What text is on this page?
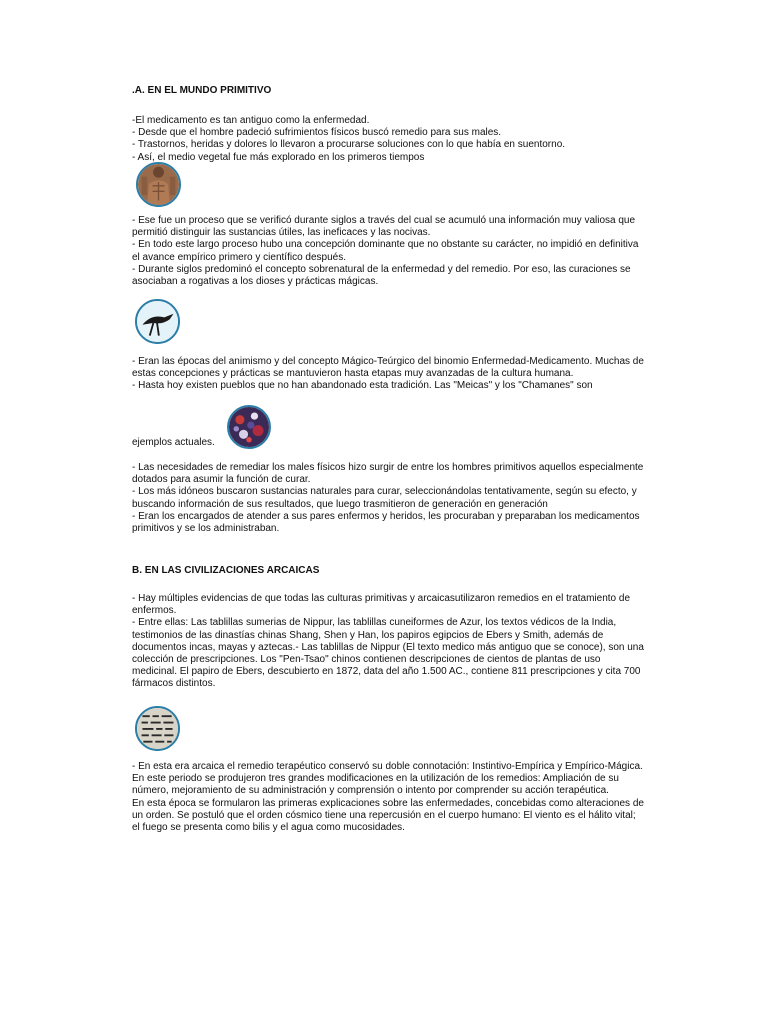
.A. EN EL MUNDO PRIMITIVO

-El medicamento es tan antiguo como la enfermedad.

- Desde que el hombre padeció sufrimientos físicos buscó remedio para sus males.

- Trastornos, heridas y dolores lo llevaron a procurarse soluciones con lo que había en suentorno.

- Así, el medio vegetal fue más explorado en los primeros tiempos

- Ese fue un proceso que se verificó durante siglos a través del cual se acumuló una información muy valiosa que permitió distinguir las sustancias útiles, las ineficaces y las nocivas.

- En todo este largo proceso hubo una concepción dominante que no obstante su carácter, no impidió en definitiva el avance empírico primero y científico después.

- Durante siglos predominó el concepto sobrenatural de la enfermedad y del remedio. Por eso, las curaciones se asociaban a rogativas a los dioses y prácticas mágicas.

- Eran las épocas del animismo y del concepto Mágico-Teúrgico del binomio Enfermedad-Medicamento. Muchas de estas concepciones y prácticas se mantuvieron hasta etapas muy avanzadas de la cultura humana.

- Hasta hoy existen pueblos que no han abandonado esta tradición. Las "Meicas" y los "Chamanes" son

ejemplos actuales.

- Las necesidades de remediar los males físicos hizo surgir de entre los hombres primitivos aquellos especialmente dotados para asumir la función de curar.

- Los más idóneos buscaron sustancias naturales para curar, seleccionándolas tentativamente, según su efecto, y buscando información de sus resultados, que luego trasmitieron de generación en generación

- Eran los encargados de atender a sus pares enfermos y heridos, les procuraban y preparaban los medicamentos primitivos y se los administraban.

B. EN LAS CIVILIZACIONES ARCAICAS

- Hay múltiples evidencias de que todas las culturas primitivas y arcaicasutilizaron remedios en el tratamiento de enfermos.

- Entre ellas: Las tablillas sumerias de Nippur, las tablillas cuneiformes de Azur, los textos védicos de la India, testimonios de las dinastías chinas Shang, Shen y Han, los papiros egipcios de Ebers y Smith, además de documentos incas, mayas y aztecas.- Las tablillas de Nippur (El texto medico más antiguo que se conoce), son una colección de prescripciones. Los "Pen-Tsao" chinos contienen descripciones de cientos de plantas de uso medicinal. El papiro de Ebers, descubierto en 1872, data del año 1.500 AC., contiene 811 prescripciones y cita 700 fármacos distintos.

- En esta era arcaica el remedio terapéutico conservó su doble connotación: Instintivo-Empírica y Empírico-Mágica. En este periodo se produjeron tres grandes modificaciones en la utilización de los remedios: Ampliación de su número, mejoramiento de su administración y comprensión o intento por comprender su acción terapéutica.

En esta época se formularon las primeras explicaciones sobre las enfermedades, concebidas como alteraciones de un orden. Se postuló que el orden cósmico tiene una repercusión en el cuerpo humano: El viento es el hálito vital; el fuego se presenta como bilis y el agua como mucosidades.
